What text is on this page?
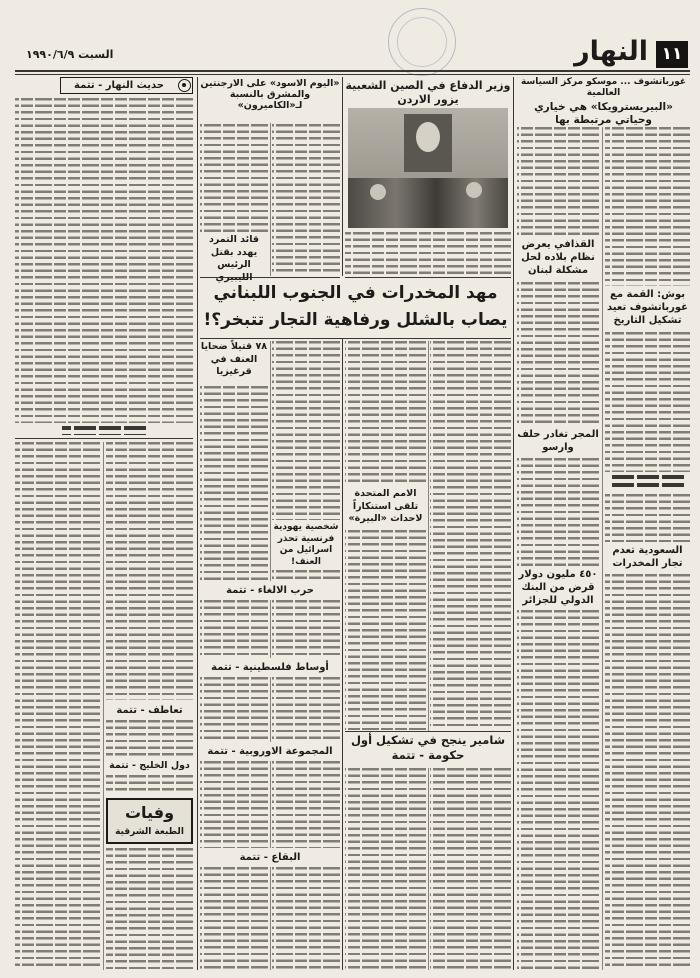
١١
النهار
السبت ١٩٩٠/٦/٩
غورباتشوف ... موسكو مركز السياسة العالمية
«البيريسترويكا» هي خياري وحياتي مرتبطة بها
بوش: القمة مع غورباتشوف تعيد تشكيل التاريخ
السعودية تعدم تجار المخدرات
القذافي يعرض نظام بلاده لحل مشكلة لبنان
المجر تغادر حلف وارسو
٤٥٠ مليون دولار قرض من البنك الدولي للجزائر
وزير الدفاع في الصين الشعبية
يزور الاردن
مهد المخدرات في الجنوب اللبناني
يصاب بالشلل ورفاهية التجار تتبخر؟!
الامم المتحدة تلقى استنكاراً لاحداث «البيرة»
شامير ينجح في تشكيل أول حكومة - تتمة
«اليوم الاسود» على الارجنتين
والمشرق بالنسبة لـ«الكاميرون»
قائد التمرد يهدد بقتل الرئيس الليبيري
شخصية يهودية فرنسية تحذر اسرائيل من العنف!
٧٨ قتيلاً ضحايا العنف في قرغيزيا
حرب الالغاء - تتمة
أوساط فلسطينية - تتمة
المجموعة الاوروبية - تتمة
البقاع - تتمة
حديث النهار - تتمة
تعاطف - تتمة
دول الخليج - تتمة
وفيات
الطبعة الشرقية
